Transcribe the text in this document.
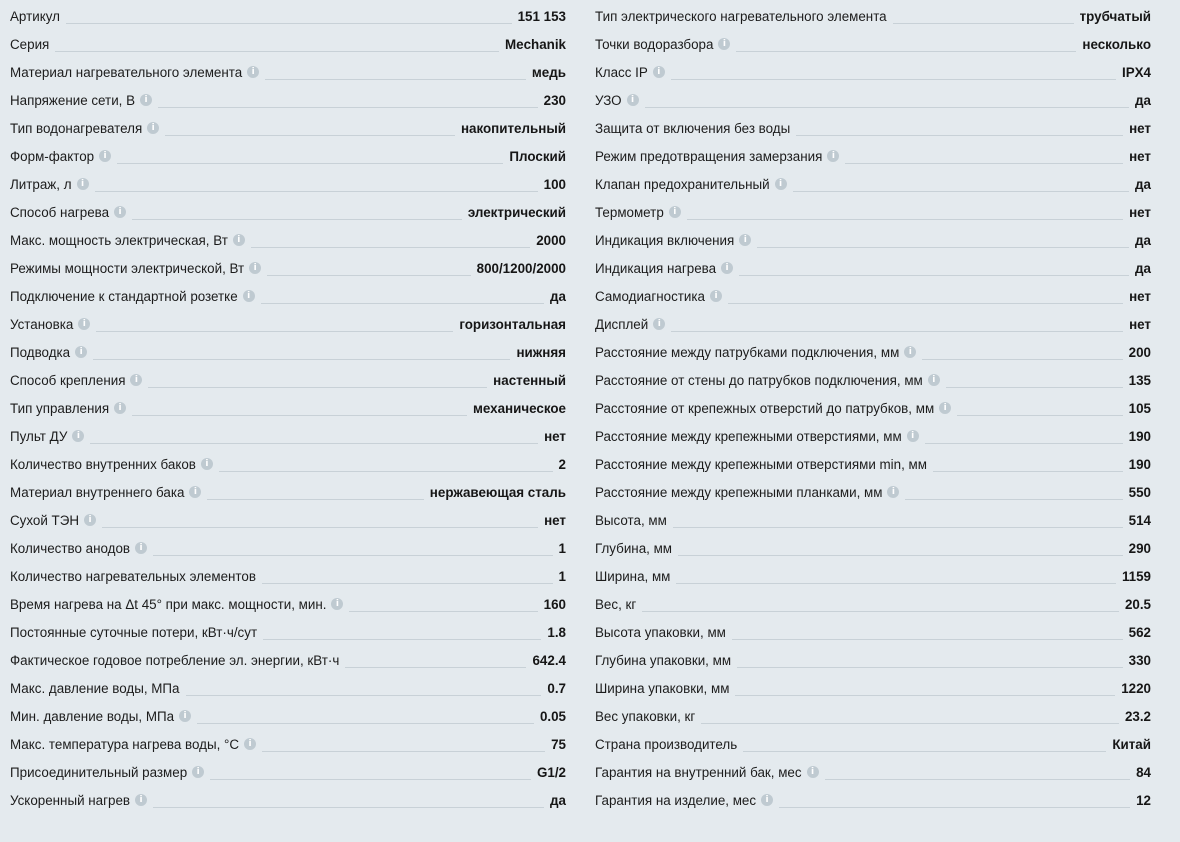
Артикул	151 153
Серия	Mechanik
Материал нагревательного элемента	i	медь
Напряжение сети, В	i	230
Тип водонагревателя	i	накопительный
Форм-фактор	i	Плоский
Литраж, л	i	100
Способ нагрева	i	электрический
Макс. мощность электрическая, Вт	i	2000
Режимы мощности электрической, Вт	i	800/1200/2000
Подключение к стандартной розетке	i	да
Установка	i	горизонтальная
Подводка	i	нижняя
Способ крепления	i	настенный
Тип управления	i	механическое
Пульт ДУ	i	нет
Количество внутренних баков	i	2
Материал внутреннего бака	i	нержавеющая сталь
Сухой ТЭН	i	нет
Количество анодов	i	1
Количество нагревательных элементов	1
Время нагрева на Δt 45° при макс. мощности, мин.	i	160
Постоянные суточные потери, кВт·ч/сут	1.8
Фактическое годовое потребление эл. энергии, кВт·ч	642.4
Макс. давление воды, МПа	0.7
Мин. давление воды, МПа	i	0.05
Макс. температура нагрева воды, °С	i	75
Присоединительный размер	i	G1/2
Ускоренный нагрев	i	да
Тип электрического нагревательного элемента	трубчатый
Точки водоразбора	i	несколько
Класс IP	i	IPX4
УЗО	i	да
Защита от включения без воды	нет
Режим предотвращения замерзания	i	нет
Клапан предохранительный	i	да
Термометр	i	нет
Индикация включения	i	да
Индикация нагрева	i	да
Самодиагностика	i	нет
Дисплей	i	нет
Расстояние между патрубками подключения, мм	i	200
Расстояние от стены до патрубков подключения, мм	i	135
Расстояние от крепежных отверстий до патрубков, мм	i	105
Расстояние между крепежными отверстиями, мм	i	190
Расстояние между крепежными отверстиями min, мм	190
Расстояние между крепежными планками, мм	i	550
Высота, мм	514
Глубина, мм	290
Ширина, мм	1159
Вес, кг	20.5
Высота упаковки, мм	562
Глубина упаковки, мм	330
Ширина упаковки, мм	1220
Вес упаковки, кг	23.2
Страна производитель	Китай
Гарантия на внутренний бак, мес	i	84
Гарантия на изделие, мес	i	12
